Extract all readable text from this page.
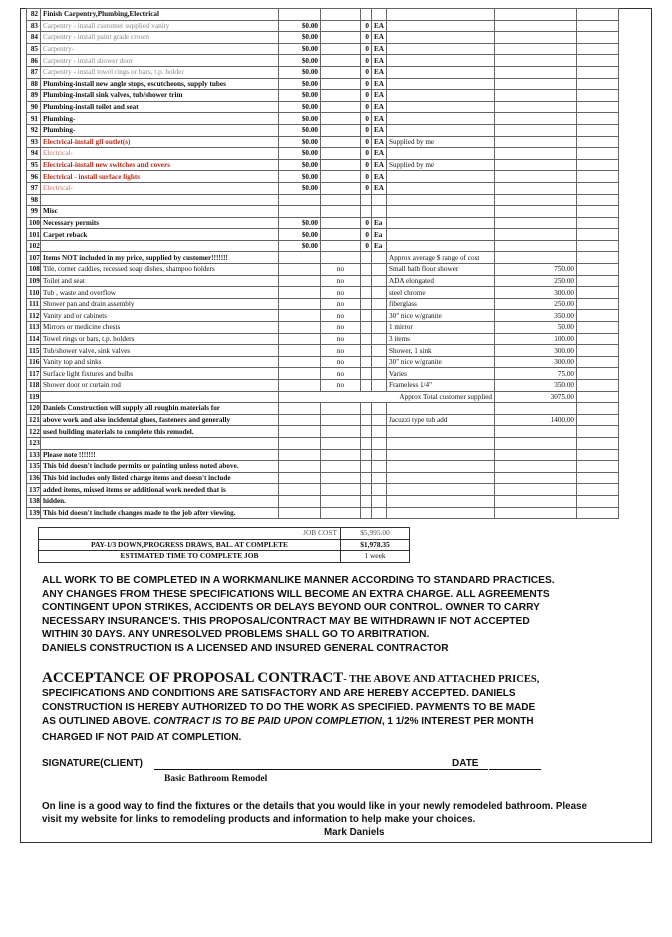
82	Finish Carpentry,Plumbing,Electrical							
83	Carpentry - install customer supplied vanity	$0.00		0	EA			
84	Carpentry - install paint grade crown	$0.00		0	EA			
85	Carpentry-	$0.00		0	EA			
86	Carpentry - install shower door	$0.00		0	EA			
87	Carpentry - install towel rings or bars, t.p. holder	$0.00		0	EA			
88	Plumbing-install new angle stops, escutcheons, supply tubes	$0.00		0	EA			
89	Plumbing-install sink valves, tub/shower trim	$0.00		0	EA			
90	Plumbing-install toilet and seat	$0.00		0	EA			
91	Plumbing-	$0.00		0	EA			
92	Plumbing-	$0.00		0	EA			
93	Electrical-install gfi outlet(s)	$0.00		0	EA	Supplied by me		
94	Electrical-	$0.00		0	EA			
95	Electrical-install new switches and covers	$0.00		0	EA	Supplied by me		
96	Electrical - install surface lights	$0.00		0	EA			
97	Electrical-	$0.00		0	EA			
98								
99	Misc							
100	Necessary permits	$0.00		0	Ea			
101	Carpet reback	$0.00		0	Ea			
102		$0.00		0	Ea			
107	Items NOT included in my price, supplied by customer!!!!!!!					Approx average $ range of cost		
108	Tile, corner caddies, recessed soap dishes, shampoo holders		no			Small bath floor shower	750.00	
109	Toilet and seat		no			ADA elongated	250.00	
110	Tub , waste and overflow		no			steel chrome	300.00	
111	Shower pan and drain assembly		no			fiberglass	250.00	
112	Vanity and or cabinets		no			30" nice w/granite	350.00	
113	Mirrors or medicine chests		no			1 mirror	50.00	
114	Towel rings or bars, t.p. holders		no			3 items	100.00	
115	Tub/shower valve, sink valves		no			Shower, 1 sink	300.00	
116	Vanity top and sinks		no			30" nice w/granite	300.00	
117	Surface light fixtures and bulbs		no			Varies	75.00	
118	Shower door or curtain rod		no			Frameless 1/4"	350.00	
119		Approx Total customer supplied					3075.00	
120	Daniels Construction will supply all roughin materials for							
121	above work and also incidental glues, fasteners and generally					Jacuzzi type tub add	1400.00	
122	used building materials to complete this remodel.							
123								
133	Please note !!!!!!!							
135	This bid doesn't include permits or painting unless noted above.							
136	This bid includes only listed charge items and doesn't include							
137	added items, missed items or additional work needed that is							
138	hidden.							
139	This bid doesn't include changes made to the job after viewing.							
JOB COST	$5,995.00
PAY-1/3 DOWN,PROGRESS DRAWS, BAL. AT COMPLETE	$1,978.35
ESTIMATED TIME TO COMPLETE JOB	1 week

ALL WORK TO BE COMPLETED IN A WORKMANLIKE MANNER ACCORDING TO STANDARD PRACTICES.

ANY CHANGES FROM THESE SPECIFICATIONS WILL BECOME AN EXTRA CHARGE. ALL AGREEMENTS

CONTINGENT UPON STRIKES, ACCIDENTS OR DELAYS BEYOND OUR CONTROL. OWNER TO CARRY

NECESSARY INSURANCE'S. THIS PROPOSAL/CONTRACT MAY BE WITHDRAWN IF NOT ACCEPTED

WITHIN 30 DAYS. ANY UNRESOLVED PROBLEMS SHALL GO TO ARBITRATION.

DANIELS CONSTRUCTION IS A LICENSED AND INSURED GENERAL CONTRACTOR

ACCEPTANCE OF PROPOSAL CONTRACT- THE ABOVE AND ATTACHED PRICES,

SPECIFICATIONS AND CONDITIONS ARE SATISFACTORY AND ARE HEREBY ACCEPTED. DANIELS

CONSTRUCTION IS HEREBY AUTHORIZED TO DO THE WORK AS SPECIFIED. PAYMENTS TO BE MADE

AS OUTLINED ABOVE. CONTRACT IS TO BE PAID UPON COMPLETION, 1 1/2% INTEREST PER MONTH

CHARGED IF NOT PAID AT COMPLETION.

SIGNATURE(CLIENT)	DATE
Basic Bathroom Remodel

On line is a good way to find the fixtures or the details that you would like in your newly remodeled bathroom. Please

visit my website for links to remodeling products and information to help make your choices.

Mark Daniels
